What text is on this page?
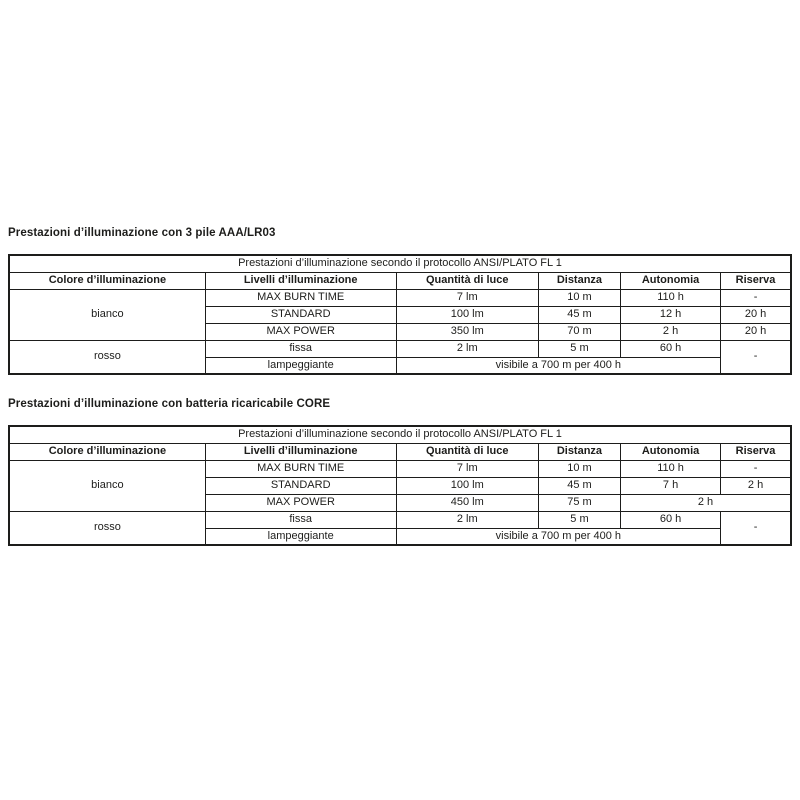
Prestazioni d’illuminazione con 3 pile AAA/LR03
Prestazioni d’illuminazione secondo il protocollo ANSI/PLATO FL 1					
Colore d’illuminazione	Livelli d’illuminazione	Quantità di luce	Distanza	Autonomia	Riserva
bianco	MAX BURN TIME	7 lm	10 m	110 h	-
	STANDARD	100 lm	45 m	12 h	20 h
	MAX POWER	350 lm	70 m	2 h	20 h
rosso	fissa	2 lm	5 m	60 h	-
	lampeggiante	visibile a 700 m per 400 h			
Prestazioni d’illuminazione con batteria ricaricabile CORE
Prestazioni d’illuminazione secondo il protocollo ANSI/PLATO FL 1					
Colore d’illuminazione	Livelli d’illuminazione	Quantità di luce	Distanza	Autonomia	Riserva
bianco	MAX BURN TIME	7 lm	10 m	110 h	-
	STANDARD	100 lm	45 m	7 h	2 h
	MAX POWER	450 lm	75 m	2 h	
rosso	fissa	2 lm	5 m	60 h	-
	lampeggiante	visibile a 700 m per 400 h			
